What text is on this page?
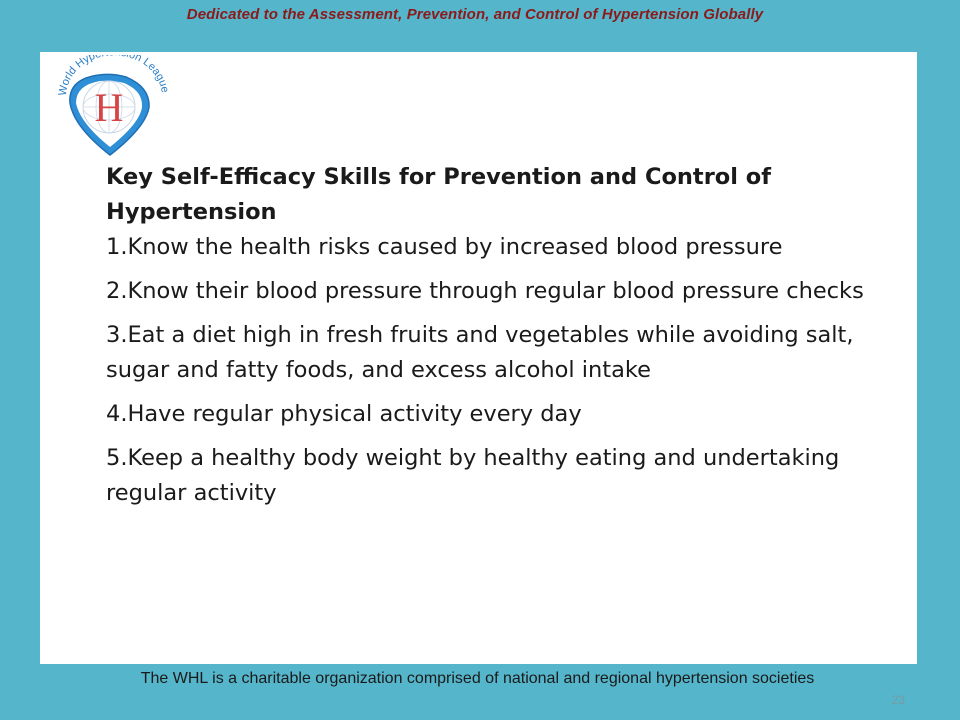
Dedicated to the Assessment, Prevention, and Control of Hypertension Globally
World Hyp on Leagu
H
Key Self-Efficacy Skills for Prevention and Control of Hypertension
1.Know the health risks caused by increased blood pressure
2.Know their blood pressure through regular blood pressure checks
3.Eat a diet high in fresh fruits and vegetables while avoiding salt, sugar and fatty foods, and excess alcohol intake
4.Have regular physical activity every day
5.Keep a healthy body weight by healthy eating and undertaking regular activity
The WHL is a charitable organization comprised of national and regional hypertension societies
23
